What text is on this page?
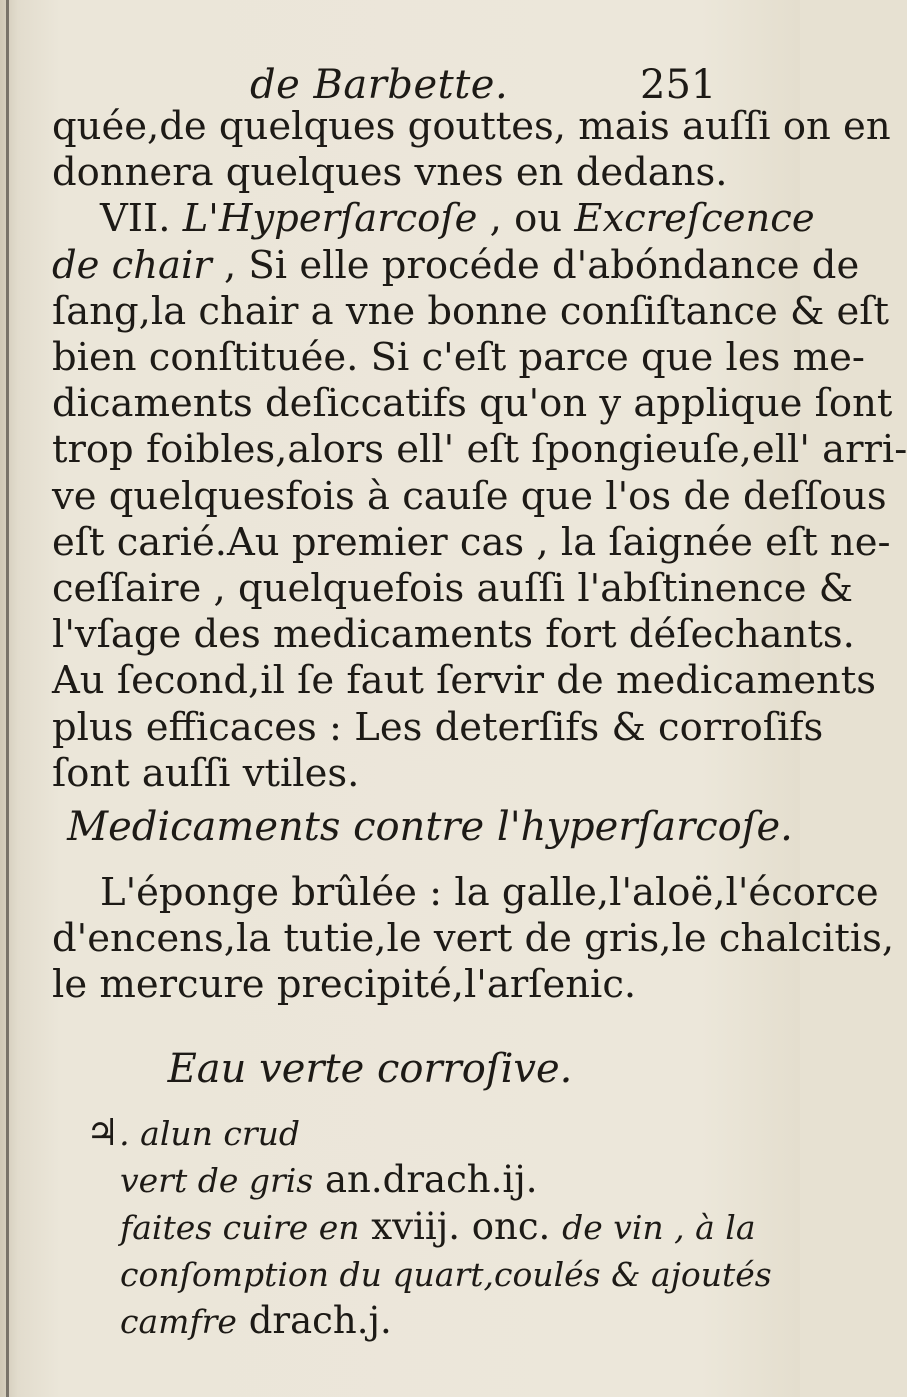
de Barbette.	251
quée,de quelques gouttes, mais auſſi on en
donnera quelques vnes en dedans.
VII. L'Hyperſarcoſe , ou Excreſcence
de chair , Si elle procéde d'abóndance de
ſang,la chair a vne bonne conſiſtance & eſt
bien conſtituée. Si c'eſt parce que les me-
dicaments deſiccatifs qu'on y applique ſont
trop foibles,alors ell' eſt ſpongieuſe,ell' arri-
ve quelquesfois à cauſe que l'os de deſſous
eſt carié.Au premier cas , la ſaignée eſt ne-
ceſſaire , quelquefois auſſi l'abſtinence &
l'vſage des medicaments fort déſechants.
Au ſecond,il ſe faut ſervir de medicaments
plus efficaces : Les deterſifs & corroſifs
ſont auſſi vtiles.
Medicaments contre l'hyperſarcoſe.
L'éponge brûlée : la galle,l'aloë,l'écorce
d'encens,la tutie,le vert de gris,le chalcitis,
le mercure precipité,l'arſenic.
Eau verte corroſive.
♃. alun crud
vert de gris an.drach.ij.
faites cuire en xviij. onc. de vin , à la
conſomption du quart,coulés & ajoutés
camfre drach.j.
